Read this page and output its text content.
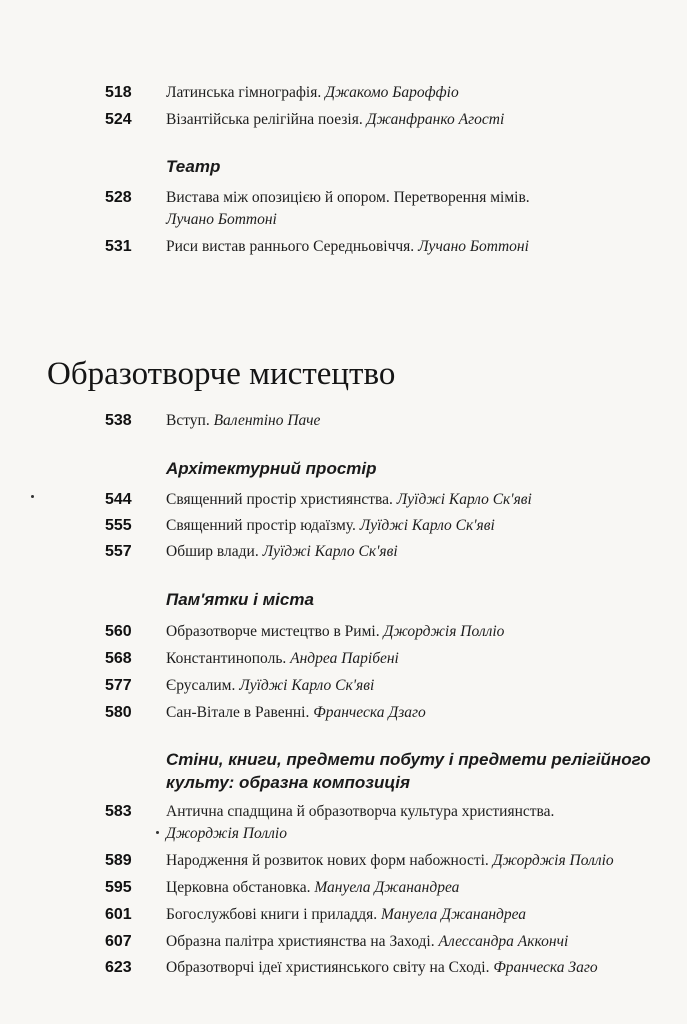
518 Латинська гімнографія. Джакомо Бароффіо
524 Візантійська релігійна поезія. Джанфранко Агості
Театр
528 Вистава між опозицією й опором. Перетворення мімів.
Лучано Боттоні
531 Риси вистав раннього Середньовіччя. Лучано Боттоні
Образотворче мистецтво
538 Вступ. Валентіно Паче
Архітектурний простір
544 Священний простір християнства. Луїджі Карло Ск'яві
555 Священний простір юдаїзму. Луїджі Карло Ск'яві
557 Обшир влади. Луїджі Карло Ск'яві
Пам'ятки і міста
560 Образотворче мистецтво в Римі. Джорджія Полліо
568 Константинополь. Андреа Парібені
577 Єрусалим. Луїджі Карло Ск'яві
580 Сан-Віталe в Равенні. Франческа Дзаго
Стіни, книги, предмети побуту і предмети релігійного
культу: образна композиція
583 Антична спадщина й образотворча культура християнства.
Джорджія Полліо
589 Народження й розвиток нових форм набожності. Джорджія Полліо
595 Церковна обстановка. Мануела Джанандреа
601 Богослужбові книги і приладдя. Мануела Джанандреа
607 Образна палітра християнства на Заході. Алессандра Аккончі
623 Образотворчі ідеї християнського світу на Сході. Франческа Заго
